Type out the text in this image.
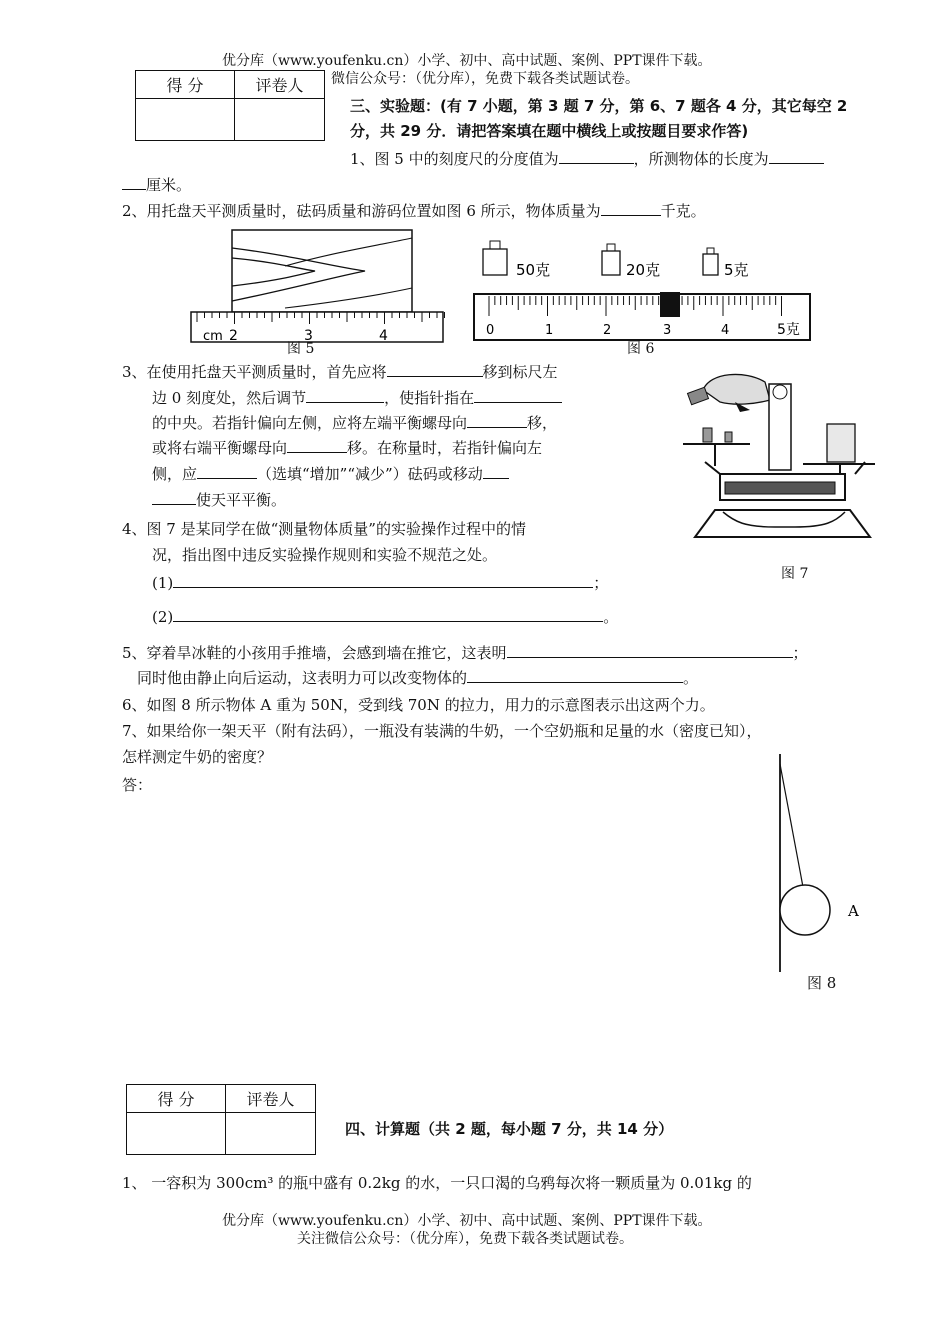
优分库（www.youfenku.cn）小学、初中、高中试题、案例、PPT课件下载。
微信公众号：（优分库），免费下载各类试题试卷。
得 分	评卷人

三、实验题：(有 7 小题，第 3 题 7 分，第 6、7 题各 4 分，其它每空 2
分，共 29 分．请把答案填在题中横线上或按题目要求作答)
1、图 5 中的刻度尺的分度值为	，所测物体的长度为
厘米。
2、用托盘天平测质量时，砝码质量和游码位置如图 6 所示，物体质量为	千克。
cm 2	3	4
图 5
50克	20克	5克
0	1	2	3	4	5克
图 6
3、在使用托盘天平测质量时，首先应将	移到标尺左
边 0 刻度处，然后调节	，使指针指在
的中央。若指针偏向左侧，应将左端平衡螺母向	移，
或将右端平衡螺母向	移。在称量时，若指针偏向左
侧，应	（选填“增加”“减少”）砝码或移动
使天平平衡。
图 7
4、图 7 是某同学在做“测量物体质量”的实验操作过程中的情
况，指出图中违反实验操作规则和实验不规范之处。
(1)	；
(2)	。
5、穿着旱冰鞋的小孩用手推墙，会感到墙在推它，这表明	；
同时他由静止向后运动，这表明力可以改变物体的	。
6、如图 8 所示物体 A 重为 50N，受到线 70N 的拉力，用力的示意图表示出这两个力。
7、如果给你一架天平（附有法码），一瓶没有装满的牛奶，一个空奶瓶和足量的水（密度已知），
怎样测定牛奶的密度？
答：
A
图 8
得 分	评卷人

四、计算题（共 2 题，每小题 7 分，共 14 分）
1、 一容积为 300cm³ 的瓶中盛有 0.2kg 的水，一只口渴的乌鸦每次将一颗质量为 0.01kg 的
优分库（www.youfenku.cn）小学、初中、高中试题、案例、PPT课件下载。
关注微信公众号：（优分库），免费下载各类试题试卷。
